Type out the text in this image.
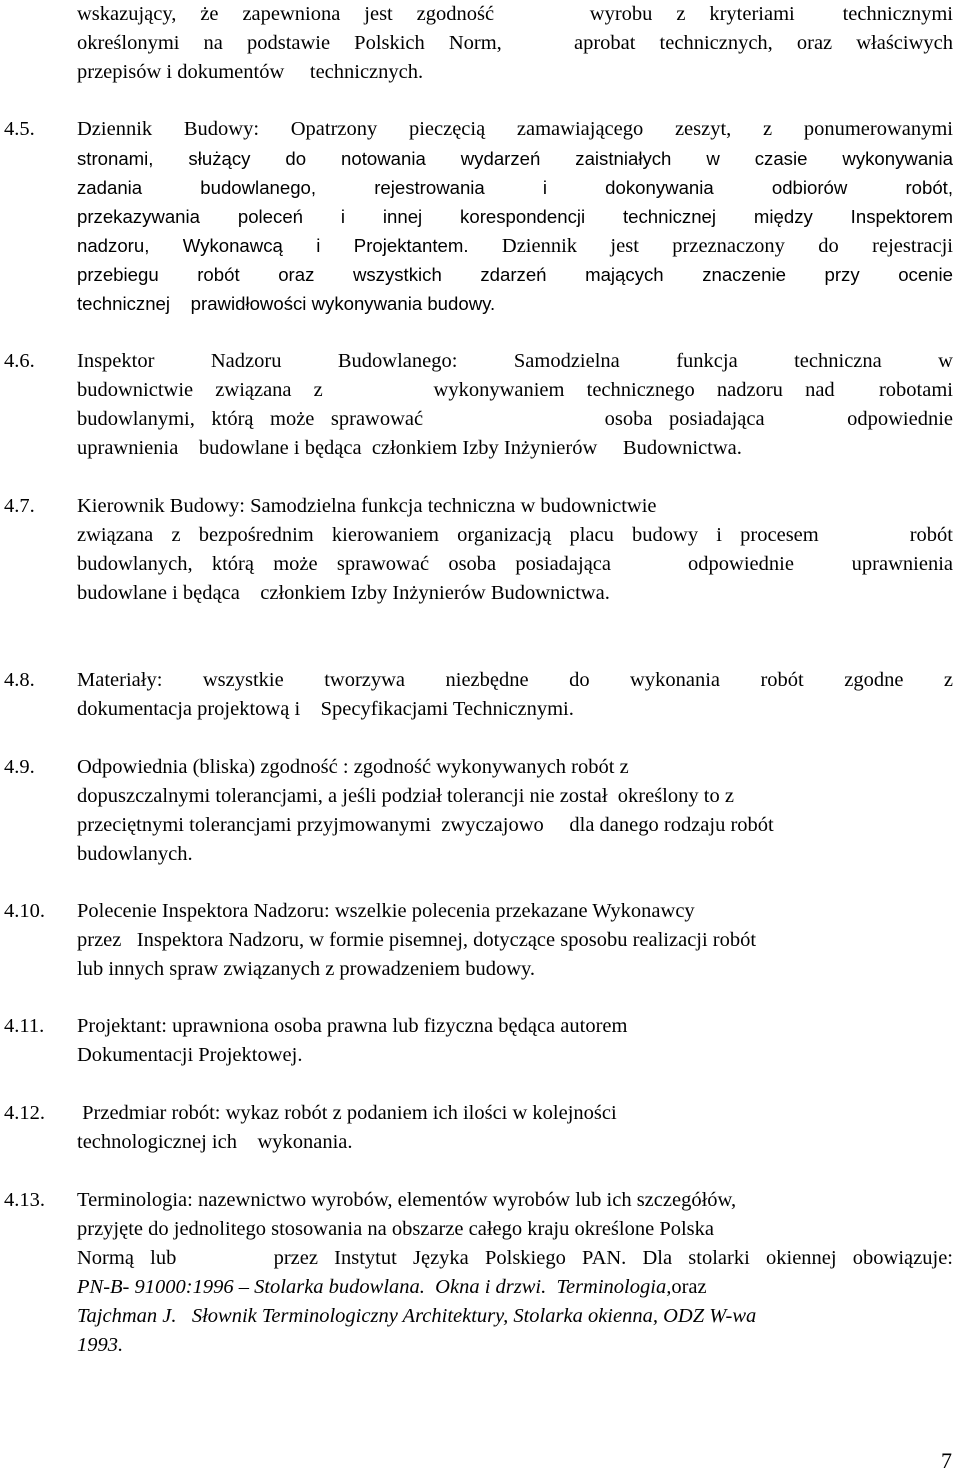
wskazujący, że zapewniona jest zgodność    wyrobu z kryteriami  technicznymi
określonymi na podstawie Polskich Norm,   aprobat technicznych, oraz właściwych
przepisów i dokumentów     technicznych.
4.5.	Dziennik Budowy: Opatrzony pieczęcią zamawiającego zeszyt, z ponumerowanymi
stronami, służący do notowania wydarzeń zaistniałych w czasie wykonywania
zadania budowlanego, rejestrowania i dokonywania odbiorów robót,
przekazywania poleceń i innej korespondencji technicznej między Inspektorem
nadzoru, Wykonawcą i Projektantem. Dziennik jest przeznaczony do rejestracji
przebiegu robót oraz wszystkich zdarzeń mających znaczenie przy ocenie
technicznej    prawidłowości wykonywania budowy.
4.6.	Inspektor Nadzoru Budowlanego: Samodzielna funkcja techniczna w
budownictwie związana z     wykonywaniem technicznego nadzoru nad  robotami
budowlanymi, którą może sprawować           osoba posiadająca     odpowiednie
uprawnienia    budowlane i będąca  członkiem Izby Inżynierów     Budownictwa.
4.7.	Kierownik Budowy: Samodzielna funkcja techniczna w budownictwie
związana z bezpośrednim kierowaniem organizacją placu budowy i procesem     robót
budowlanych, którą może sprawować osoba posiadająca    odpowiednie   uprawnienia
budowlane i będąca    członkiem Izby Inżynierów Budownictwa.
4.8.	Materiały: wszystkie tworzywa niezbędne do wykonania robót zgodne z
dokumentacja projektową i    Specyfikacjami Technicznymi.
4.9.	Odpowiednia (bliska) zgodność : zgodność wykonywanych robót z
dopuszczalnymi tolerancjami, a jeśli podział tolerancji nie został  określony to z
przeciętnymi tolerancjami przyjmowanymi  zwyczajowo     dla danego rodzaju robót
budowlanych.
4.10.	Polecenie Inspektora Nadzoru: wszelkie polecenia przekazane Wykonawcy
przez   Inspektora Nadzoru, w formie pisemnej, dotyczące sposobu realizacji robót
lub innych spraw związanych z prowadzeniem budowy.
4.11.	Projektant: uprawniona osoba prawna lub fizyczna będąca autorem
Dokumentacji Projektowej.
4.12.	Przedmiar robót: wykaz robót z podaniem ich ilości w kolejności
technologicznej ich    wykonania.
4.13.	Terminologia: nazewnictwo wyrobów, elementów wyrobów lub ich szczegółów,
przyjęte do jednolitego stosowania na obszarze całego kraju określone Polska
Normą lub      przez Instytut Języka Polskiego PAN. Dla stolarki okiennej obowiązuje:
PN-B- 91000:1996 – Stolarka budowlana.  Okna i drzwi.  Terminologia,oraz
Tajchman J.   Słownik Terminologiczny Architektury, Stolarka okienna, ODZ W-wa
1993.
7
